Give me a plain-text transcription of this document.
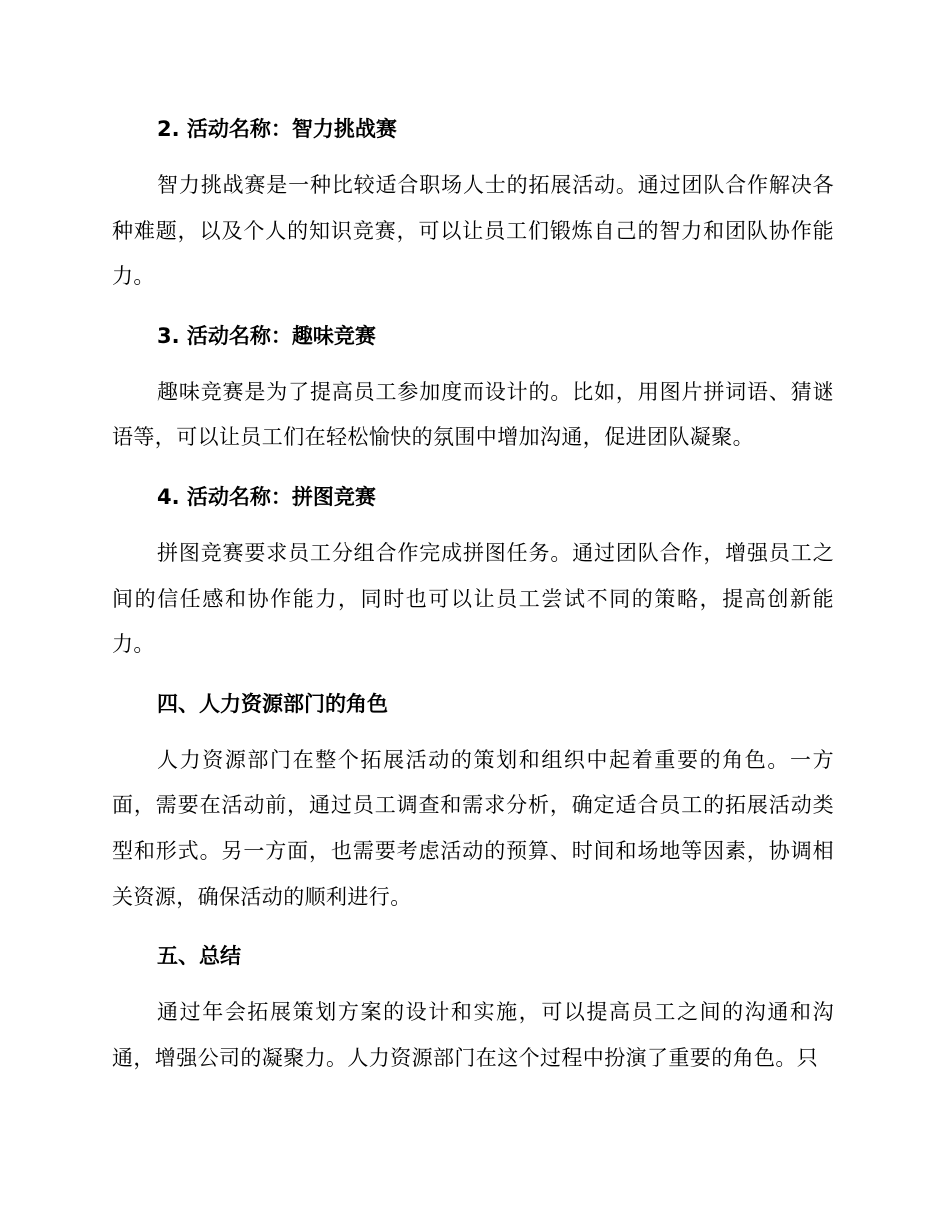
2. 活动名称：智力挑战赛

智力挑战赛是一种比较适合职场人士的拓展活动。通过团队合作解决各种难题，以及个人的知识竞赛，可以让员工们锻炼自己的智力和团队协作能力。

3. 活动名称：趣味竞赛

趣味竞赛是为了提高员工参加度而设计的。比如，用图片拼词语、猜谜语等，可以让员工们在轻松愉快的氛围中增加沟通，促进团队凝聚。

4. 活动名称：拼图竞赛

拼图竞赛要求员工分组合作完成拼图任务。通过团队合作，增强员工之间的信任感和协作能力，同时也可以让员工尝试不同的策略，提高创新能力。

四、人力资源部门的角色

人力资源部门在整个拓展活动的策划和组织中起着重要的角色。一方面，需要在活动前，通过员工调查和需求分析，确定适合员工的拓展活动类型和形式。另一方面，也需要考虑活动的预算、时间和场地等因素，协调相关资源，确保活动的顺利进行。

五、总结

通过年会拓展策划方案的设计和实施，可以提高员工之间的沟通和沟通，增强公司的凝聚力。人力资源部门在这个过程中扮演了重要的角色。只
